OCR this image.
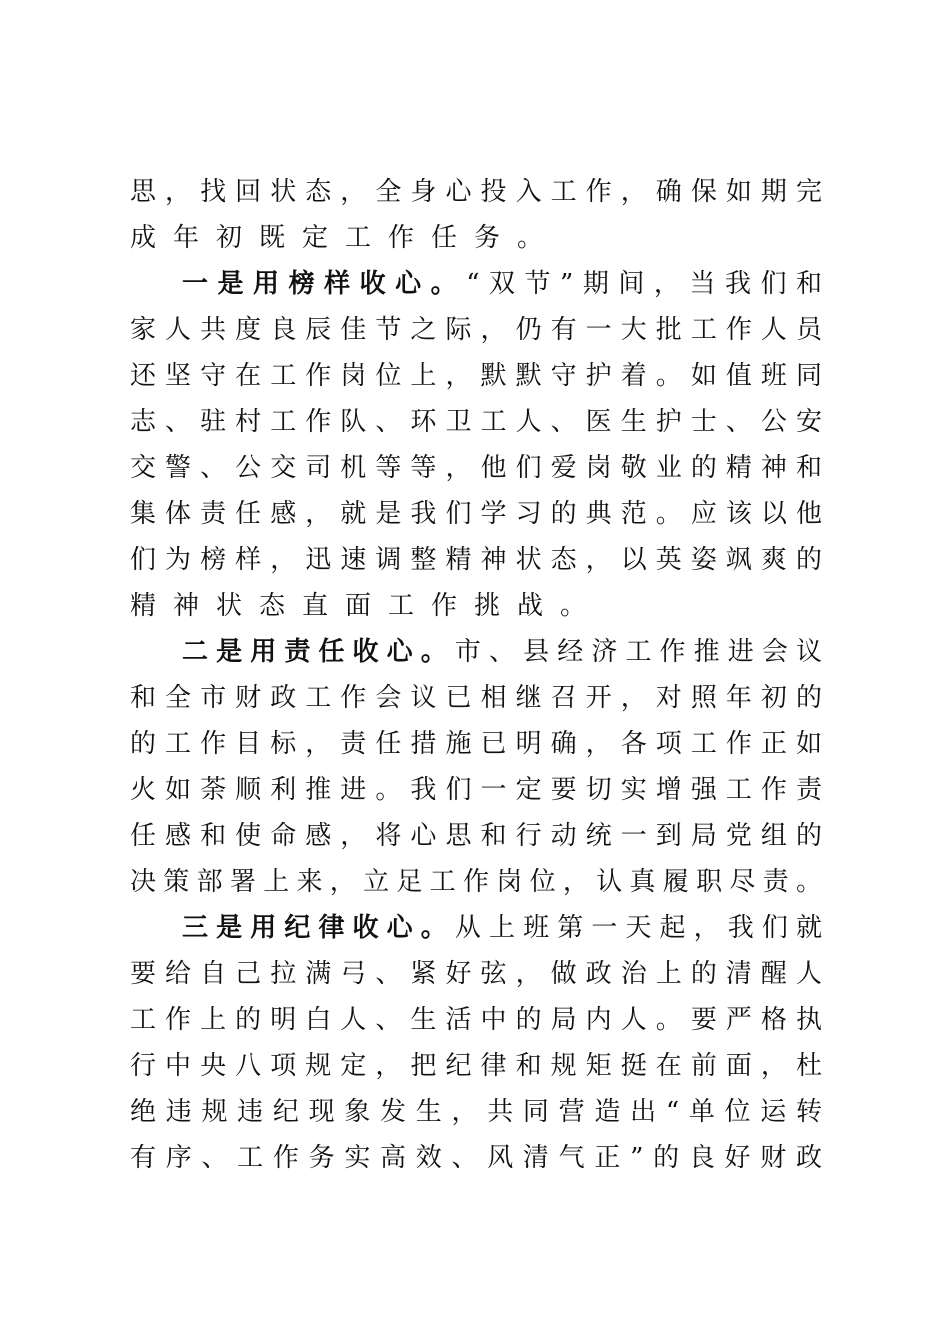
思，找回状态，全身心投入工作，确保如期完
成年初既定工作任务。
一是用榜样收心。“双节”期间，当我们和
家人共度良辰佳节之际，仍有一大批工作人员
还坚守在工作岗位上，默默守护着。如值班同
志、驻村工作队、环卫工人、医生护士、公安
交警、公交司机等等，他们爱岗敬业的精神和
集体责任感，就是我们学习的典范。应该以他
们为榜样，迅速调整精神状态，以英姿飒爽的
精神状态直面工作挑战。
二是用责任收心。市、县经济工作推进会议
和全市财政工作会议已相继召开，对照年初的
的工作目标，责任措施已明确，各项工作正如
火如荼顺利推进。我们一定要切实增强工作责
任感和使命感，将心思和行动统一到局党组的
决策部署上来，立足工作岗位，认真履职尽责。
三是用纪律收心。从上班第一天起，我们就
要给自己拉满弓、紧好弦，做政治上的清醒人
工作上的明白人、生活中的局内人。要严格执
行中央八项规定，把纪律和规矩挺在前面，杜
绝违规违纪现象发生，共同营造出“单位运转
有序、工作务实高效、风清气正”的良好财政
